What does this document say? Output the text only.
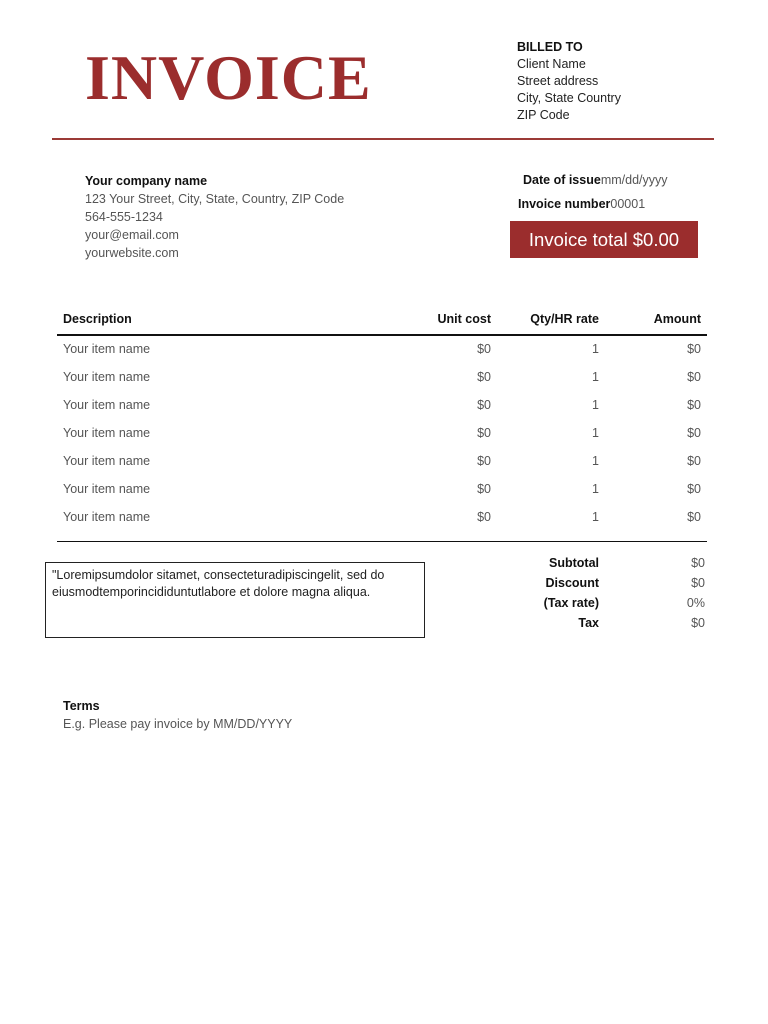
INVOICE	BILLED TO
Client Name
Street address
City, State Country
ZIP Code
Your company name
123 Your Street, City, State, Country, ZIP Code
564-555-1234
your@email.com
yourwebsite.com
Date of issuemm/dd/yyyy
Invoice number00001
Invoice total $0.00
Description	Unit cost	Qty/HR rate	Amount
Your item name	$0	1	$0
Your item name	$0	1	$0
Your item name	$0	1	$0
Your item name	$0	1	$0
Your item name	$0	1	$0
Your item name	$0	1	$0
Your item name	$0	1	$0
"Loremipsumdolor sitamet, consecteturadipiscingelit, sed do eiusmodtemporincididuntutlabore et dolore magna aliqua.
Subtotal	$0
Discount	$0
(Tax rate)	0%
Tax	$0
Terms
E.g. Please pay invoice by MM/DD/YYYY
